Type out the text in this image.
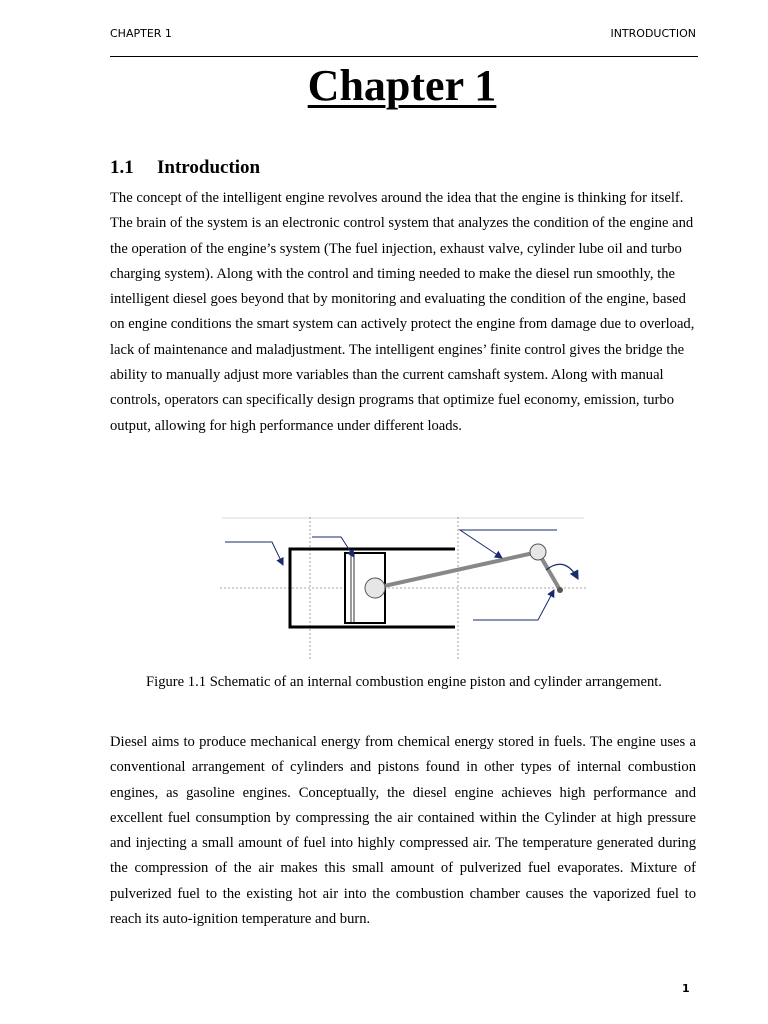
CHAPTER 1	INTRODUCTION
Chapter 1
1.1 Introduction

The concept of the intelligent engine revolves around the idea that the engine is thinking for itself. The brain of the system is an electronic control system that analyzes the condition of the engine and the operation of the engine’s system (The fuel injection, exhaust valve, cylinder lube oil and turbo charging system). Along with the control and timing needed to make the diesel run smoothly, the intelligent diesel goes beyond that by monitoring and evaluating the condition of the engine, based on engine conditions the smart system can actively protect the engine from damage due to overload, lack of maintenance and maladjustment. The intelligent engines’ finite control gives the bridge the ability to manually adjust more variables than the current camshaft system. Along with manual controls, operators can specifically design programs that optimize fuel economy, emission, turbo output, allowing for high performance under different loads.

Figure 1.1 Schematic of an internal combustion engine piston and cylinder arrangement.

Diesel aims to produce mechanical energy from chemical energy stored in fuels. The engine uses a conventional arrangement of cylinders and pistons found in other types of internal combustion engines, as gasoline engines. Conceptually, the diesel engine achieves high performance and excellent fuel consumption by compressing the air contained within the Cylinder at high pressure and injecting a small amount of fuel into highly compressed air. The temperature generated during the compression of the air makes this small amount of pulverized fuel evaporates. Mixture of pulverized fuel to the existing hot air into the combustion chamber causes the vaporized fuel to reach its auto-ignition temperature and burn.

1
